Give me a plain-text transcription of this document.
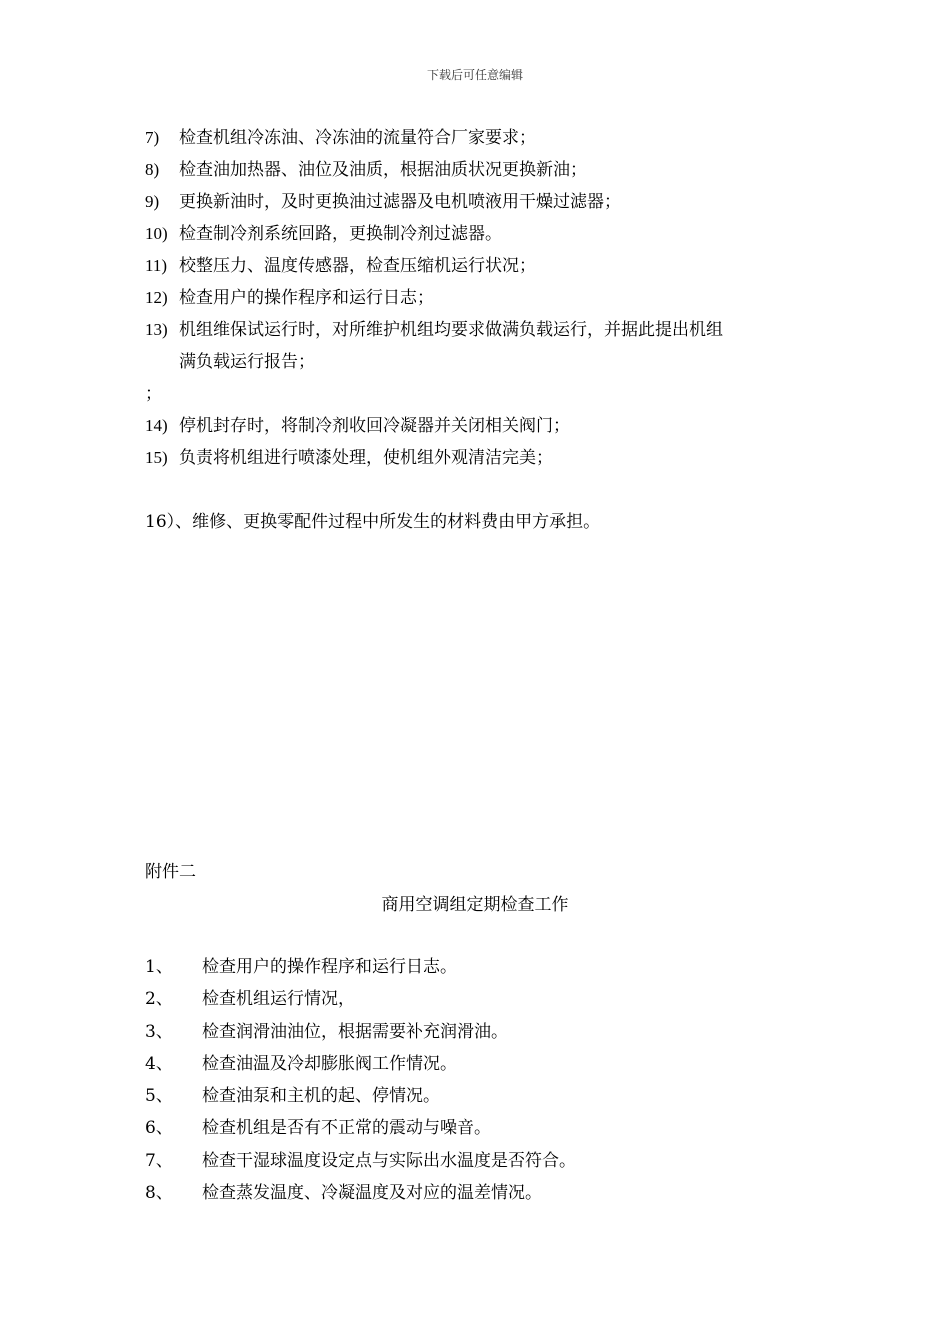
下载后可任意编辑
7)	检查机组冷冻油、冷冻油的流量符合厂家要求；
8)	检查油加热器、油位及油质，根据油质状况更换新油；
9)	更换新油时，及时更换油过滤器及电机喷液用干燥过滤器；
10) 检查制冷剂系统回路，更换制冷剂过滤器。
11) 校整压力、温度传感器，检查压缩机运行状况；
12) 检查用户的操作程序和运行日志；
13) 机组维保试运行时，对所维护机组均要求做满负载运行，并据此提出机组
满负载运行报告；
；
14) 停机封存时，将制冷剂收回冷凝器并关闭相关阀门；
15) 负责将机组进行喷漆处理，使机组外观清洁完美；
16）、维修、更换零配件过程中所发生的材料费由甲方承担。
附件二
商用空调组定期检查工作
1、	检查用户的操作程序和运行日志。
2、	检查机组运行情况，
3、	检查润滑油油位，根据需要补充润滑油。
4、	检查油温及冷却膨胀阀工作情况。
5、	检查油泵和主机的起、停情况。
6、	检查机组是否有不正常的震动与噪音。
7、	检查干湿球温度设定点与实际出水温度是否符合。
8、	检查蒸发温度、冷凝温度及对应的温差情况。
